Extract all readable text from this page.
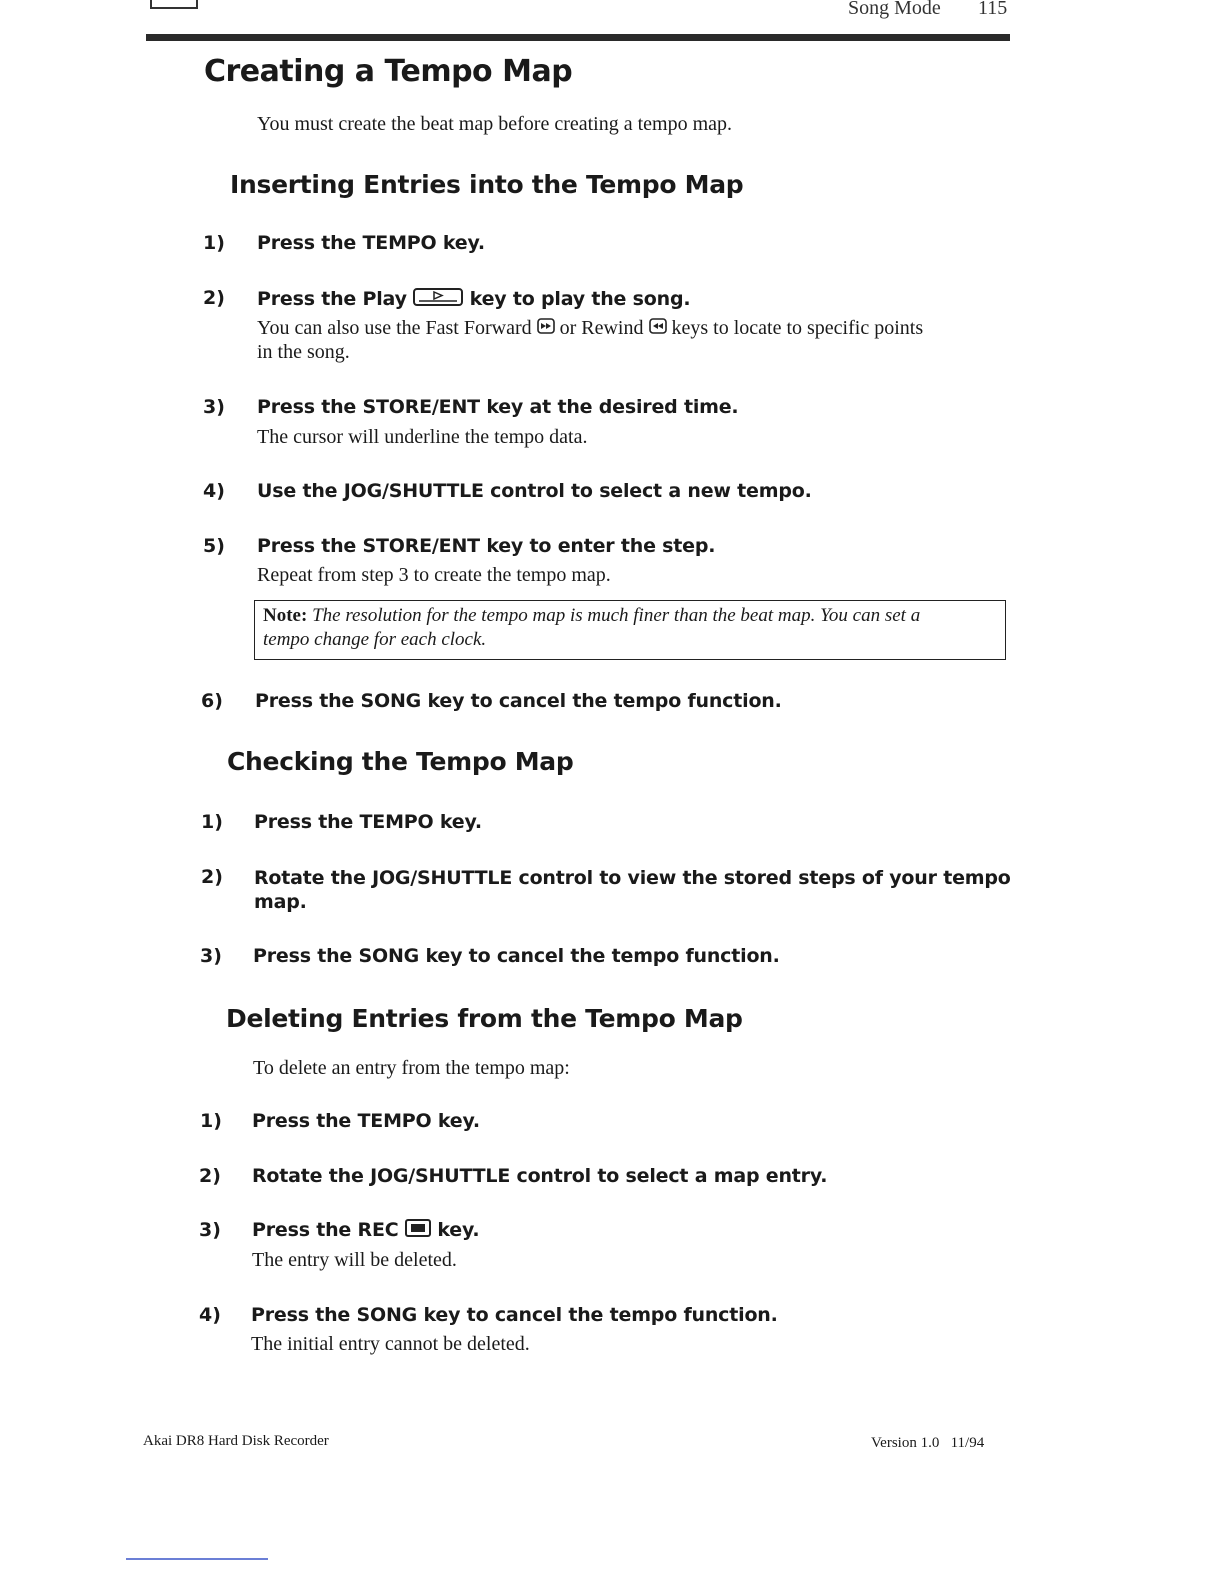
Song Mode 115
Creating a Tempo Map
You must create the beat map before creating a tempo map.
Inserting Entries into the Tempo Map
1) Press the TEMPO key.
2) Press the Play	key to play the song.
You can also use the Fast Forward or Rewind keys to locate to specific points
in the song.
3) Press the STORE/ENT key at the desired time.
The cursor will underline the tempo data.
4) Use the JOG/SHUTTLE control to select a new tempo.
5) Press the STORE/ENT key to enter the step.
Repeat from step 3 to create the tempo map.
Note: The resolution for the tempo map is much finer than the beat map. You can set a
tempo change for each clock.
6) Press the SONG key to cancel the tempo function.
Checking the Tempo Map
1) Press the TEMPO key.
2) Rotate the JOG/SHUTTLE control to view the stored steps of your tempo
map.
3) Press the SONG key to cancel the tempo function.
Deleting Entries from the Tempo Map
To delete an entry from the tempo map:
1) Press the TEMPO key.
2) Rotate the JOG/SHUTTLE control to select a map entry.
3) Press the REC key.
The entry will be deleted.
4) Press the SONG key to cancel the tempo function.
The initial entry cannot be deleted.
Akai DR8 Hard Disk Recorder	Version 1.0   11/94
